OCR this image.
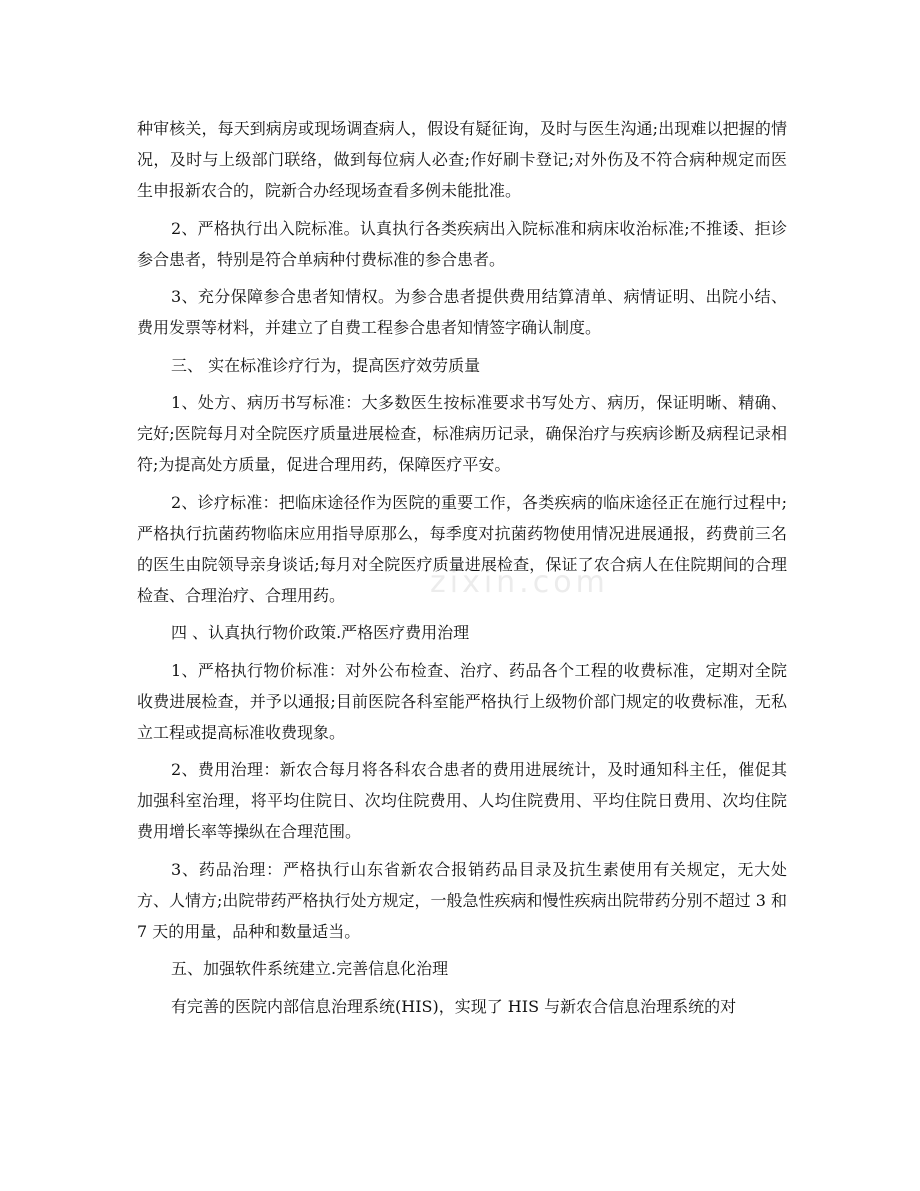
种审核关，每天到病房或现场调查病人，假设有疑征询，及时与医生沟通;出现难以把握的情况，及时与上级部门联络，做到每位病人必查;作好刷卡登记;对外伤及不符合病种规定而医生申报新农合的，院新合办经现场查看多例未能批准。

2、严格执行出入院标准。认真执行各类疾病出入院标准和病床收治标准;不推诿、拒诊参合患者，特别是符合单病种付费标准的参合患者。

3、充分保障参合患者知情权。为参合患者提供费用结算清单、病情证明、出院小结、费用发票等材料，并建立了自费工程参合患者知情签字确认制度。

三、 实在标准诊疗行为，提高医疗效劳质量

1、处方、病历书写标准：大多数医生按标准要求书写处方、病历，保证明晰、精确、完好;医院每月对全院医疗质量进展检查，标准病历记录，确保治疗与疾病诊断及病程记录相符;为提高处方质量，促进合理用药，保障医疗平安。

2、诊疗标准：把临床途径作为医院的重要工作，各类疾病的临床途径正在施行过程中;严格执行抗菌药物临床应用指导原那么，每季度对抗菌药物使用情况进展通报，药费前三名的医生由院领导亲身谈话;每月对全院医疗质量进展检查，保证了农合病人在住院期间的合理检查、合理治疗、合理用药。

四 、认真执行物价政策.严格医疗费用治理

1、严格执行物价标准：对外公布检查、治疗、药品各个工程的收费标准，定期对全院收费进展检查，并予以通报;目前医院各科室能严格执行上级物价部门规定的收费标准，无私立工程或提高标准收费现象。

2、费用治理：新农合每月将各科农合患者的费用进展统计，及时通知科主任，催促其加强科室治理，将平均住院日、次均住院费用、人均住院费用、平均住院日费用、次均住院费用增长率等操纵在合理范围。

3、药品治理：严格执行山东省新农合报销药品目录及抗生素使用有关规定，无大处方、人情方;出院带药严格执行处方规定，一般急性疾病和慢性疾病出院带药分别不超过 3 和 7 天的用量，品种和数量适当。

五、加强软件系统建立.完善信息化治理

有完善的医院内部信息治理系统(HIS)，实现了 HIS 与新农合信息治理系统的对

zixin.com
